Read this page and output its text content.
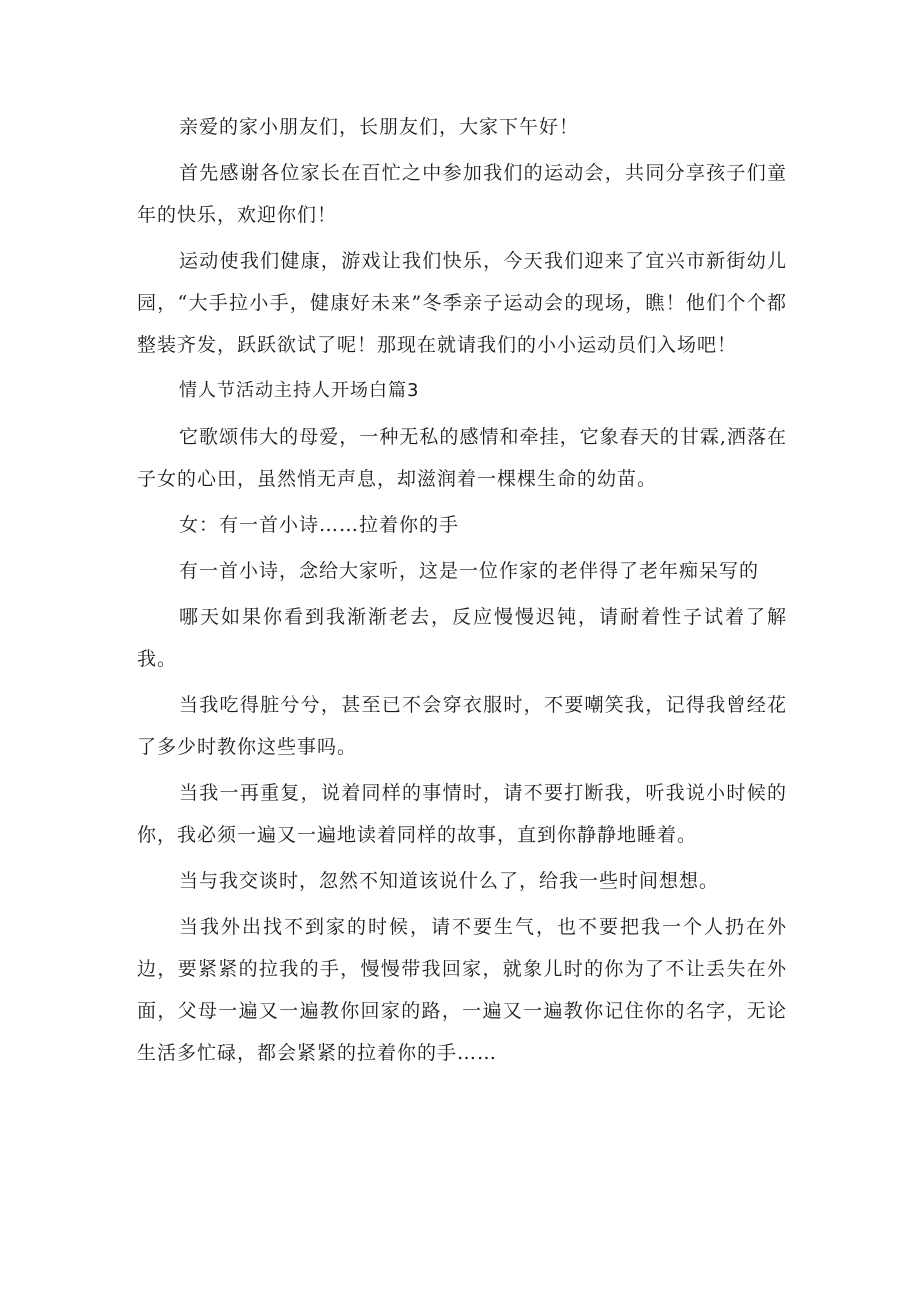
亲爱的家小朋友们，长朋友们，大家下午好！

首先感谢各位家长在百忙之中参加我们的运动会，共同分享孩子们童年的快乐，欢迎你们！

运动使我们健康，游戏让我们快乐，今天我们迎来了宜兴市新街幼儿园，“大手拉小手，健康好未来”冬季亲子运动会的现场，瞧！他们个个都整装齐发，跃跃欲试了呢！那现在就请我们的小小运动员们入场吧！

情人节活动主持人开场白篇3

它歌颂伟大的母爱，一种无私的感情和牵挂，它象春天的甘霖,洒落在子女的心田，虽然悄无声息，却滋润着一棵棵生命的幼苗。

女：有一首小诗……拉着你的手

有一首小诗，念给大家听，这是一位作家的老伴得了老年痴呆写的

哪天如果你看到我渐渐老去，反应慢慢迟钝，请耐着性子试着了解我。

当我吃得脏兮兮，甚至已不会穿衣服时，不要嘲笑我，记得我曾经花了多少时教你这些事吗。

当我一再重复，说着同样的事情时，请不要打断我，听我说小时候的你，我必须一遍又一遍地读着同样的故事，直到你静静地睡着。

当与我交谈时，忽然不知道该说什么了，给我一些时间想想。

当我外出找不到家的时候，请不要生气，也不要把我一个人扔在外边，要紧紧的拉我的手，慢慢带我回家，就象儿时的你为了不让丢失在外面，父母一遍又一遍教你回家的路，一遍又一遍教你记住你的名字，无论生活多忙碌，都会紧紧的拉着你的手……
